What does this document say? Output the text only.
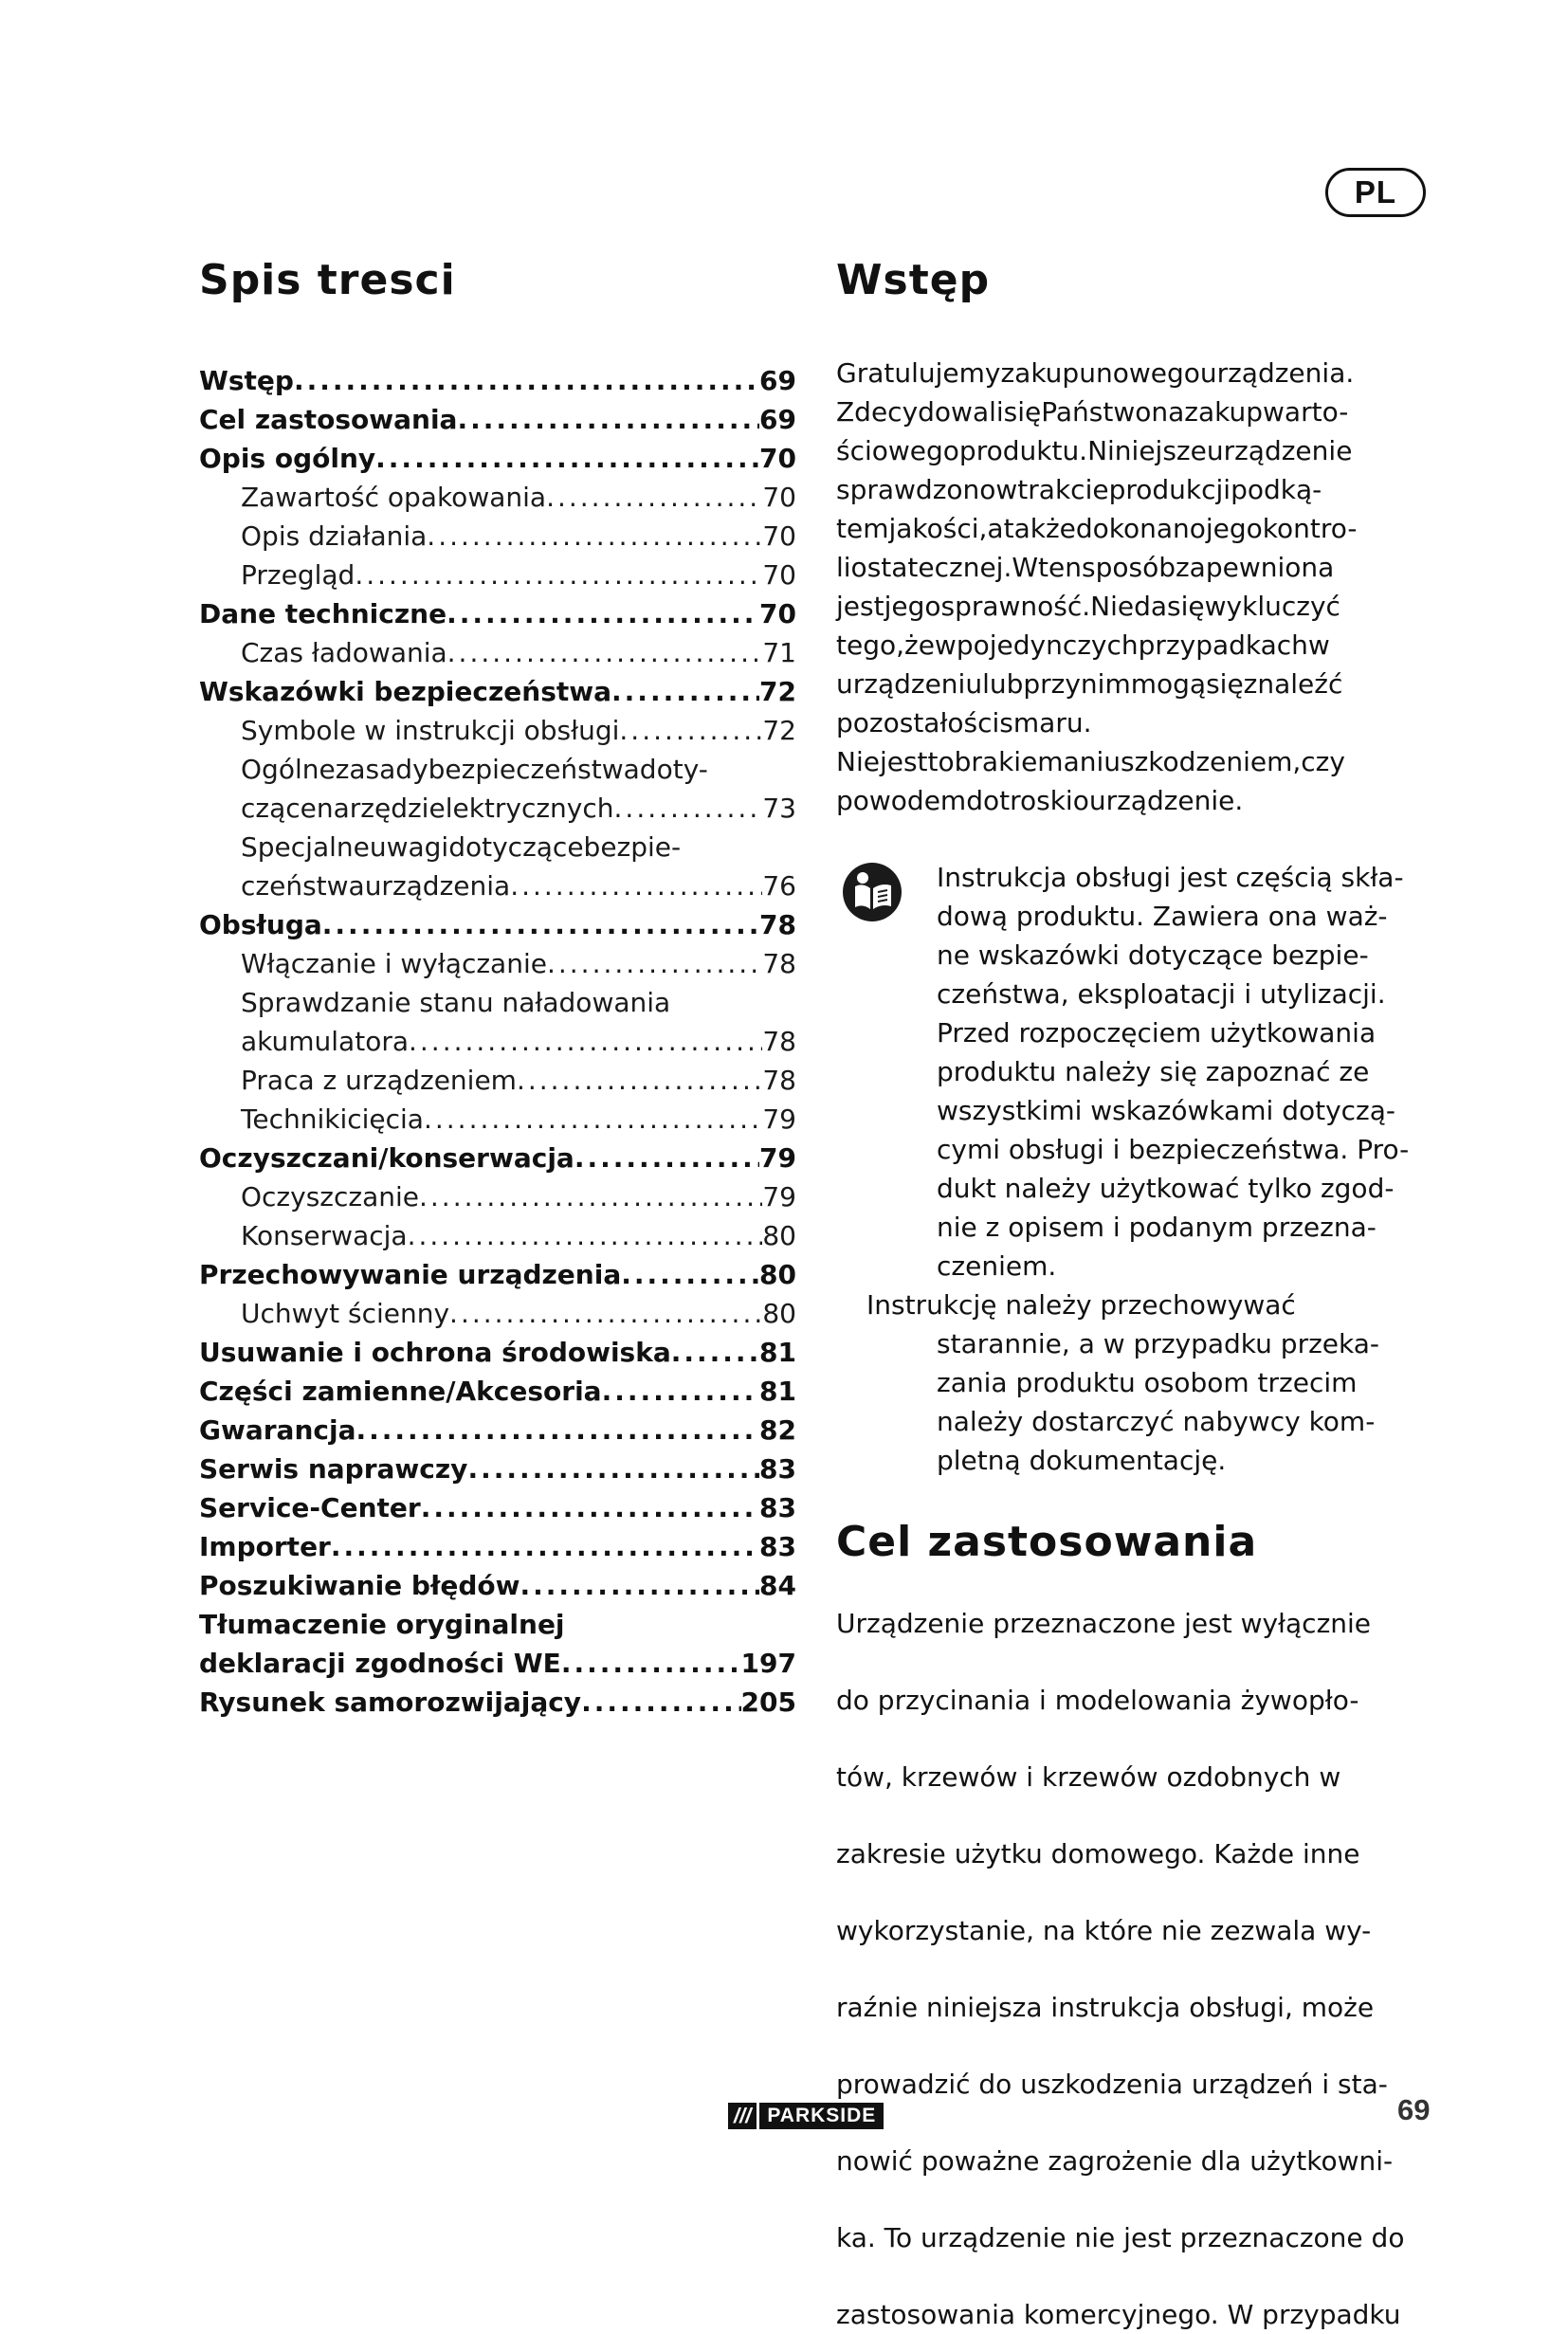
PL
Spis tresci
Wstęp .....	69
Cel zastosowania .....	69
Opis ogólny .....	70
Zawartość opakowania .....	70
Opis działania .....	70
Przegląd .....	70
Dane techniczne .....	70
Czas ładowania .....	71
Wskazówki bezpieczeństwa .....	72
Symbole w instrukcji obsługi .....	72
Ogólnezasadybezpieczeństwadoty-
czącenarzędzielektrycznych .....	73
Specjalneuwagidotyczącebezpie-
czeństwaurządzenia .....	76
Obsługa .....	78
Włączanie i wyłączanie .....	78
Sprawdzanie stanu naładowania
akumulatora .....	78
Praca z urządzeniem .....	78
Technikicięcia .....	79
Oczyszczani/konserwacja .....	79
Oczyszczanie .....	79
Konserwacja .....	80
Przechowywanie urządzenia .....	80
Uchwyt ścienny .....	80
Usuwanie i ochrona środowiska .....	81
Części zamienne/Akcesoria .....	81
Gwarancja .....	82
Serwis naprawczy .....	83
Service-Center .....	83
Importer .....	83
Poszukiwanie błędów .....	84
Tłumaczenie oryginalnej
deklaracji zgodności WE .....	197
Rysunek samorozwijający .....	205
Wstęp
Gratulujemyzakupunowegourządzenia.
ZdecydowalisięPaństwonazakupwarto-
ściowegoproduktu.Niniejszeurządzenie
sprawdzonowtrakcieprodukcjipodką-
temjakości,atakżedokonanojegokontro-
liostatecznej.Wtensposóbzapewniona
jestjegosprawność.Niedasięwykluczyć
tego,żewpojedynczychprzypadkachw
urządzeniulubprzynimmogąsięznaleźć
pozostałoścismaru.
Niejesttobrakiemaniuszkodzeniem,czy
powodemdotroskiourządzenie.
Instrukcja obsługi jest częścią skła-
dową produktu. Zawiera ona waż-
ne wskazówki dotyczące bezpie-
czeństwa, eksploatacji i utylizacji.
Przed rozpoczęciem użytkowania
produktu należy się zapoznać ze
wszystkimi wskazówkami dotyczą-
cymi obsługi i bezpieczeństwa. Pro-
dukt należy użytkować tylko zgod-
nie z opisem i podanym przezna-
czeniem.
Instrukcję należy przechowywać
starannie, a w przypadku przeka-
zania produktu osobom trzecim
należy dostarczyć nabywcy kom-
pletną dokumentację.
Cel zastosowania
Urządzenie przeznaczone jest wyłącznie
do przycinania i modelowania żywopło-
tów, krzewów i krzewów ozdobnych w
zakresie użytku domowego. Każde inne
wykorzystanie, na które nie zezwala wy-
raźnie niniejsza instrukcja obsługi, może
prowadzić do uszkodzenia urządzeń i sta-
nowić poważne zagrożenie dla użytkowni-
ka. To urządzenie nie jest przeznaczone do
zastosowania komercyjnego. W przypadku
/// PARKSIDE	69
